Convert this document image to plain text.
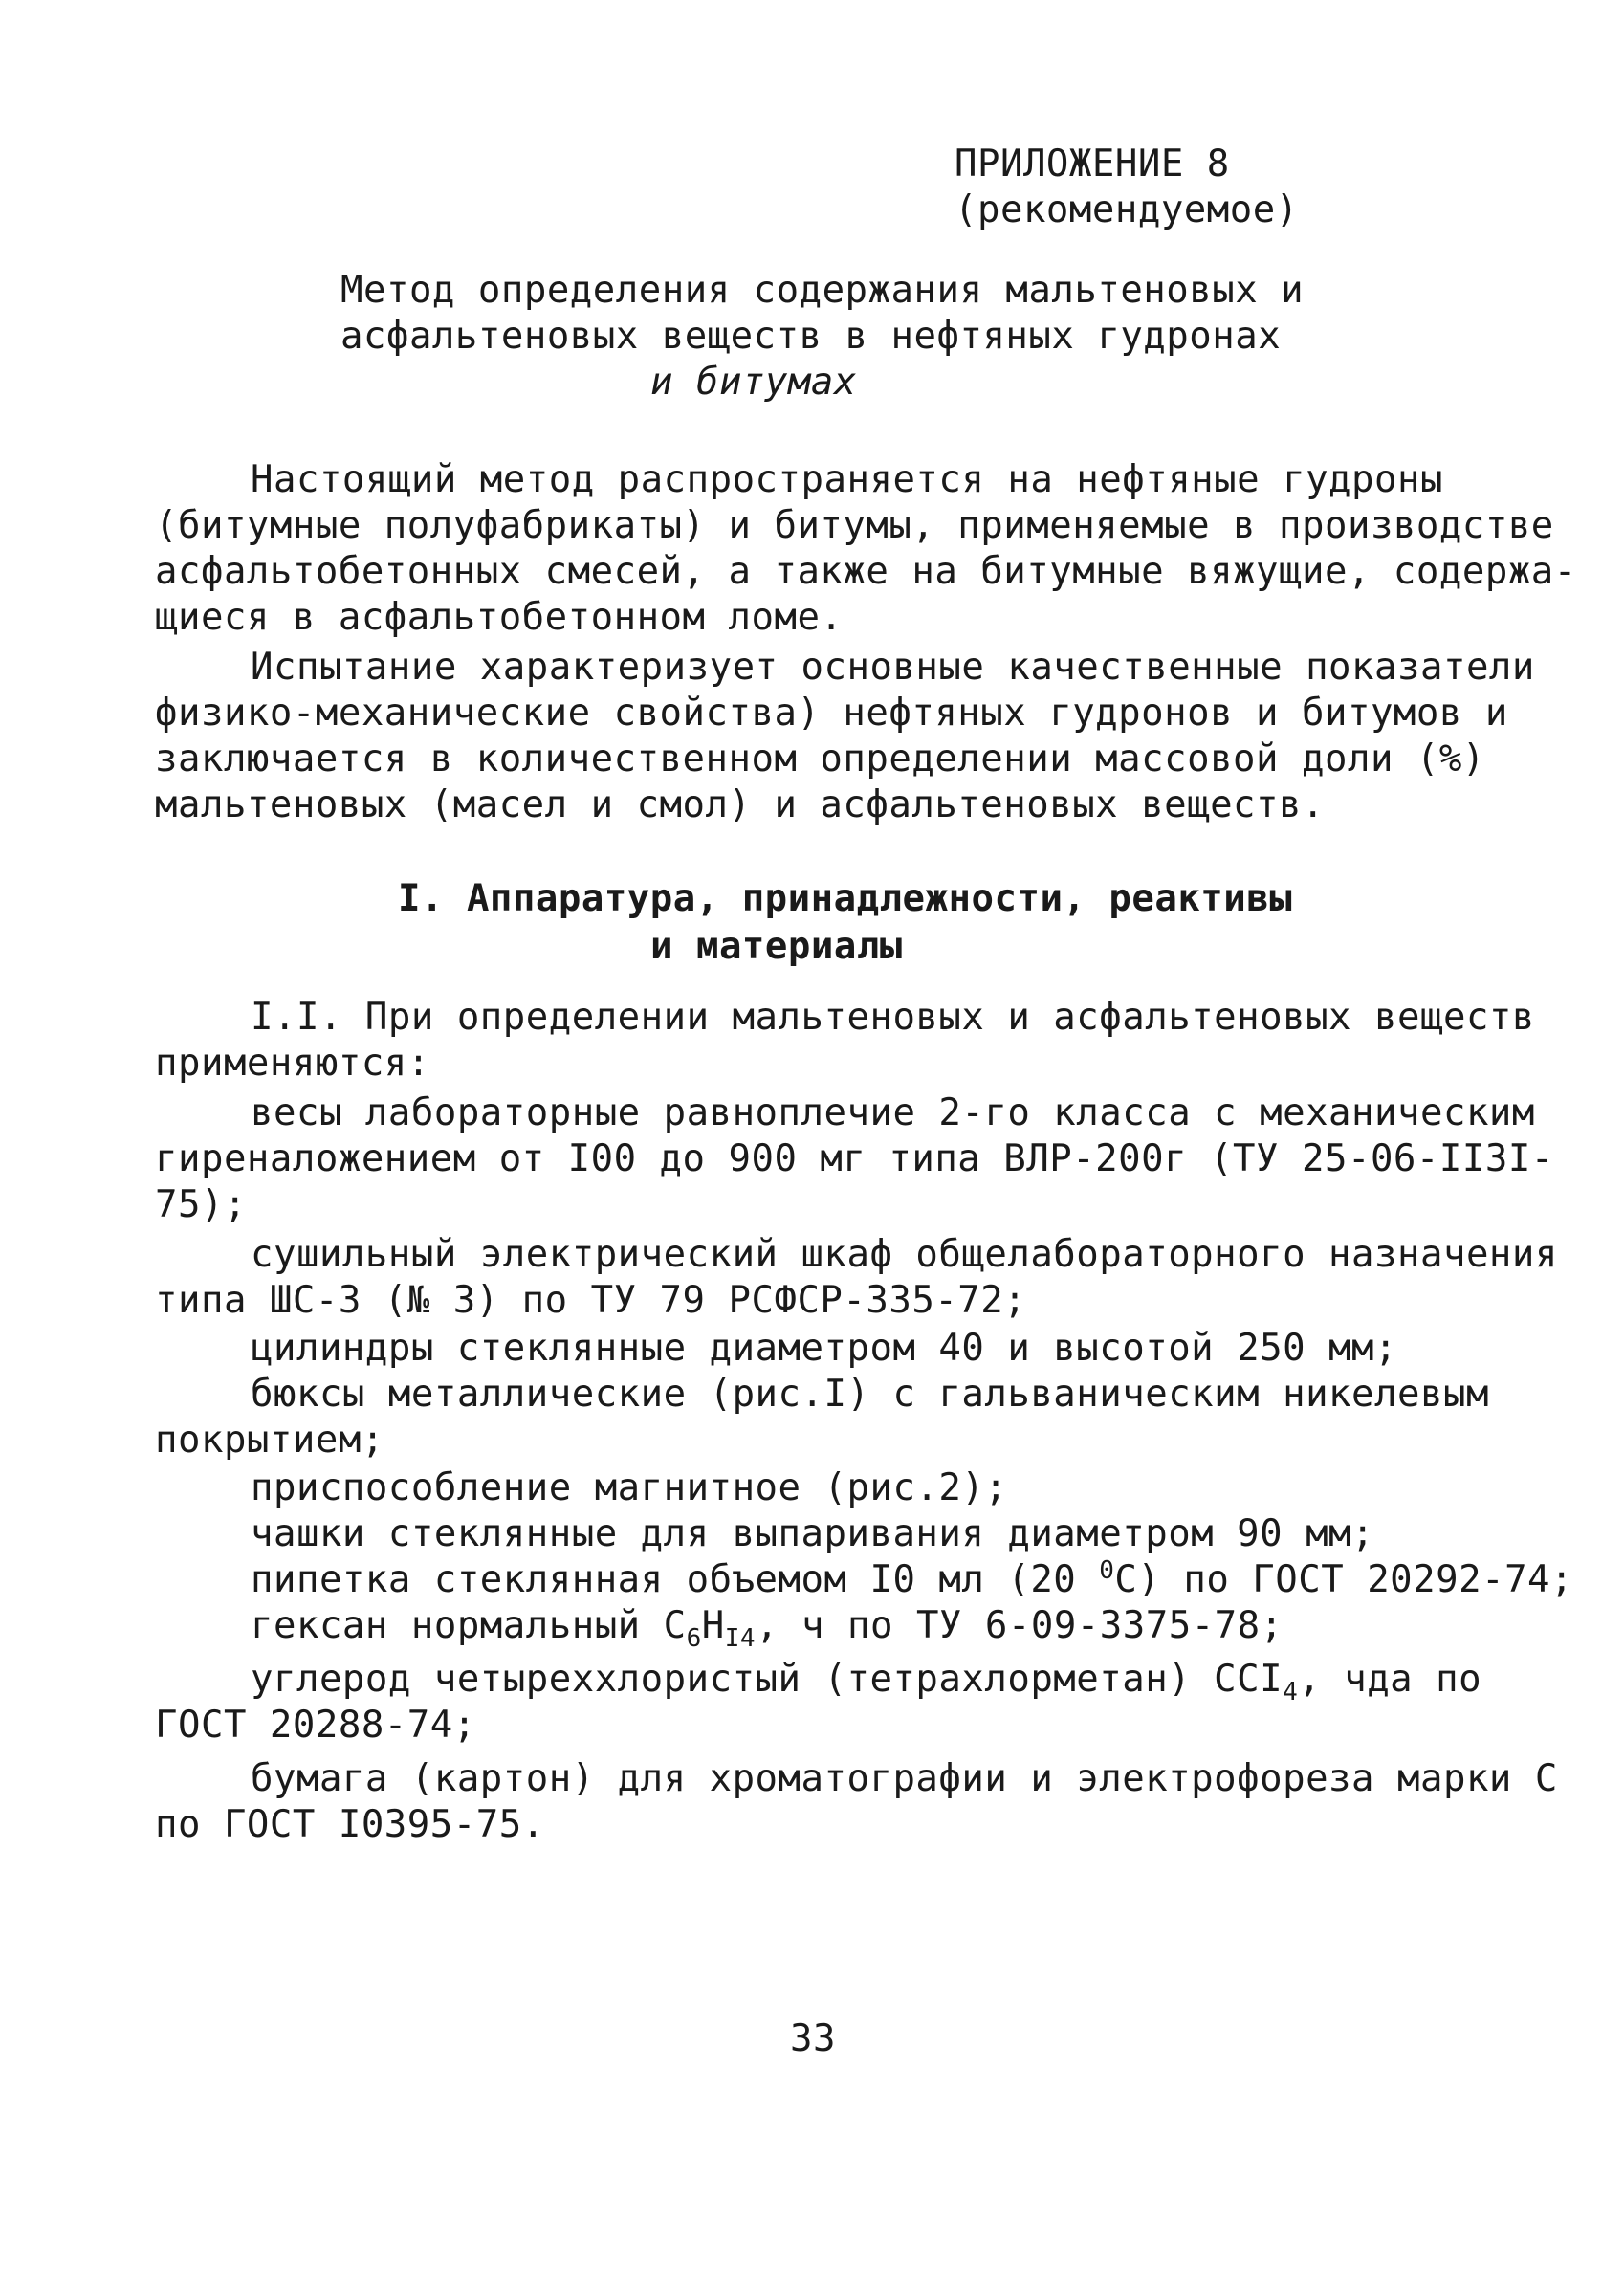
ПРИЛОЖЕНИЕ 8
(рекомендуемое)
Метод определения содержания мальтеновых и
асфальтеновых веществ в нефтяных гудронах
и битумах
Настоящий метод распространяется на нефтяные гудроны
(битумные полуфабрикаты) и битумы, применяемые в производстве
асфальтобетонных смесей, а также на битумные вяжущие, содержа-
щиеся в асфальтобетонном ломе.
Испытание характеризует основные качественные показатели
физико-механические свойства) нефтяных гудронов и битумов и
заключается в количественном определении массовой доли (%)
мальтеновых (масел и смол) и асфальтеновых веществ.
I. Аппаратура, принадлежности, реактивы
и материалы
I.I. При определении мальтеновых и асфальтеновых веществ
применяются:
весы лабораторные равноплечие 2-го класса с механическим
гиреналожением от I00 до 900 мг типа ВЛР-200г (ТУ 25-06-II3I-
75);
сушильный электрический шкаф общелабораторного назначения
типа ШС-3 (№ 3) по ТУ 79 РСФСР-335-72;
цилиндры стеклянные диаметром 40 и высотой 250 мм;
бюксы металлические (рис.I) с гальваническим никелевым
покрытием;
приспособление магнитное (рис.2);
чашки стеклянные для выпаривания диаметром 90 мм;
пипетка стеклянная объемом I0 мл (20 $^0$С) по ГОСТ 20292-74;
гексан нормальный $С_6Н_{I4}$, ч по ТУ 6-09-3375-78;
углерод четыреххлористый (тетрахлорметан) $ССI_4$, чда по
ГОСТ 20288-74;
бумага (картон) для хроматографии и электрофореза марки С
по ГОСТ I0395-75.
33
